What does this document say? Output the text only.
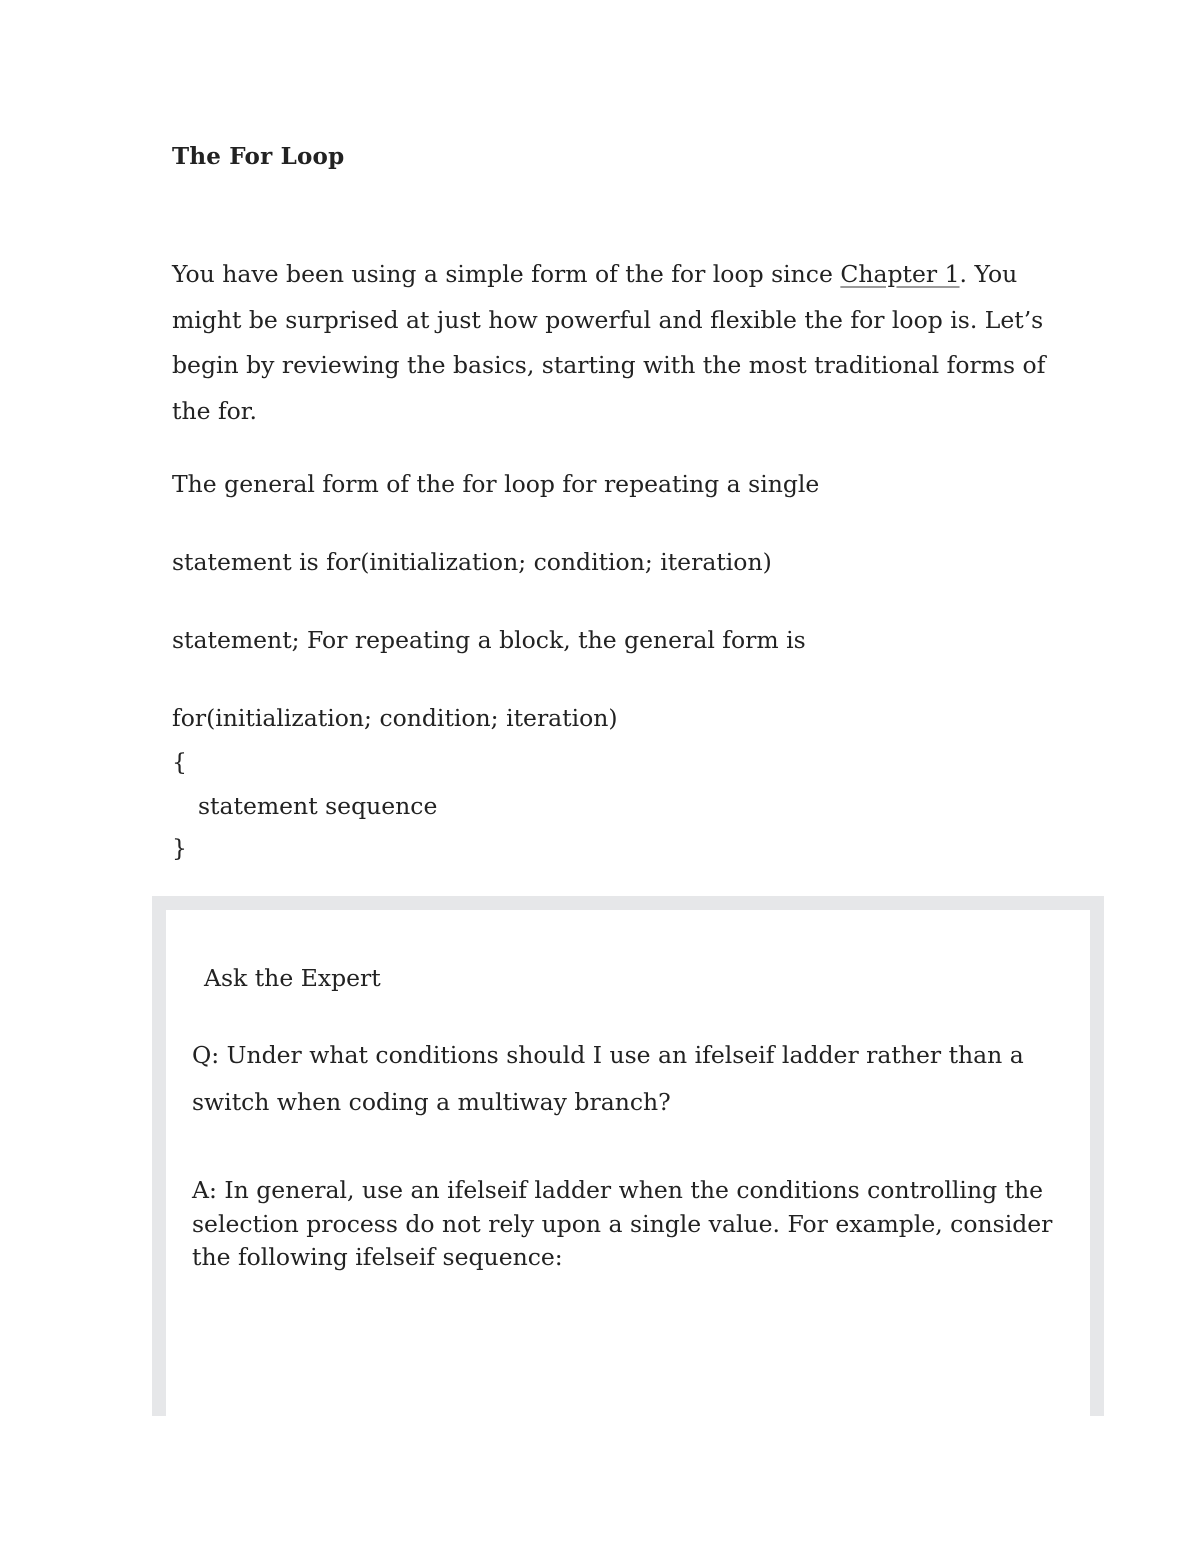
The For Loop
You have been using a simple form of the for loop since Chapter 1. You might be surprised at just how powerful and flexible the for loop is. Let’s begin by reviewing the basics, starting with the most traditional forms of the for.
The general form of the for loop for repeating a single
statement is for(initialization; condition; iteration)
statement; For repeating a block, the general form is
for(initialization; condition; iteration)
{
statement sequence
}
Ask the Expert
Q: Under what conditions should I use an ifelseif ladder rather than a switch when coding a multiway branch?
A: In general, use an ifelseif ladder when the conditions controlling the selection process do not rely upon a single value. For example, consider the following ifelseif sequence:
